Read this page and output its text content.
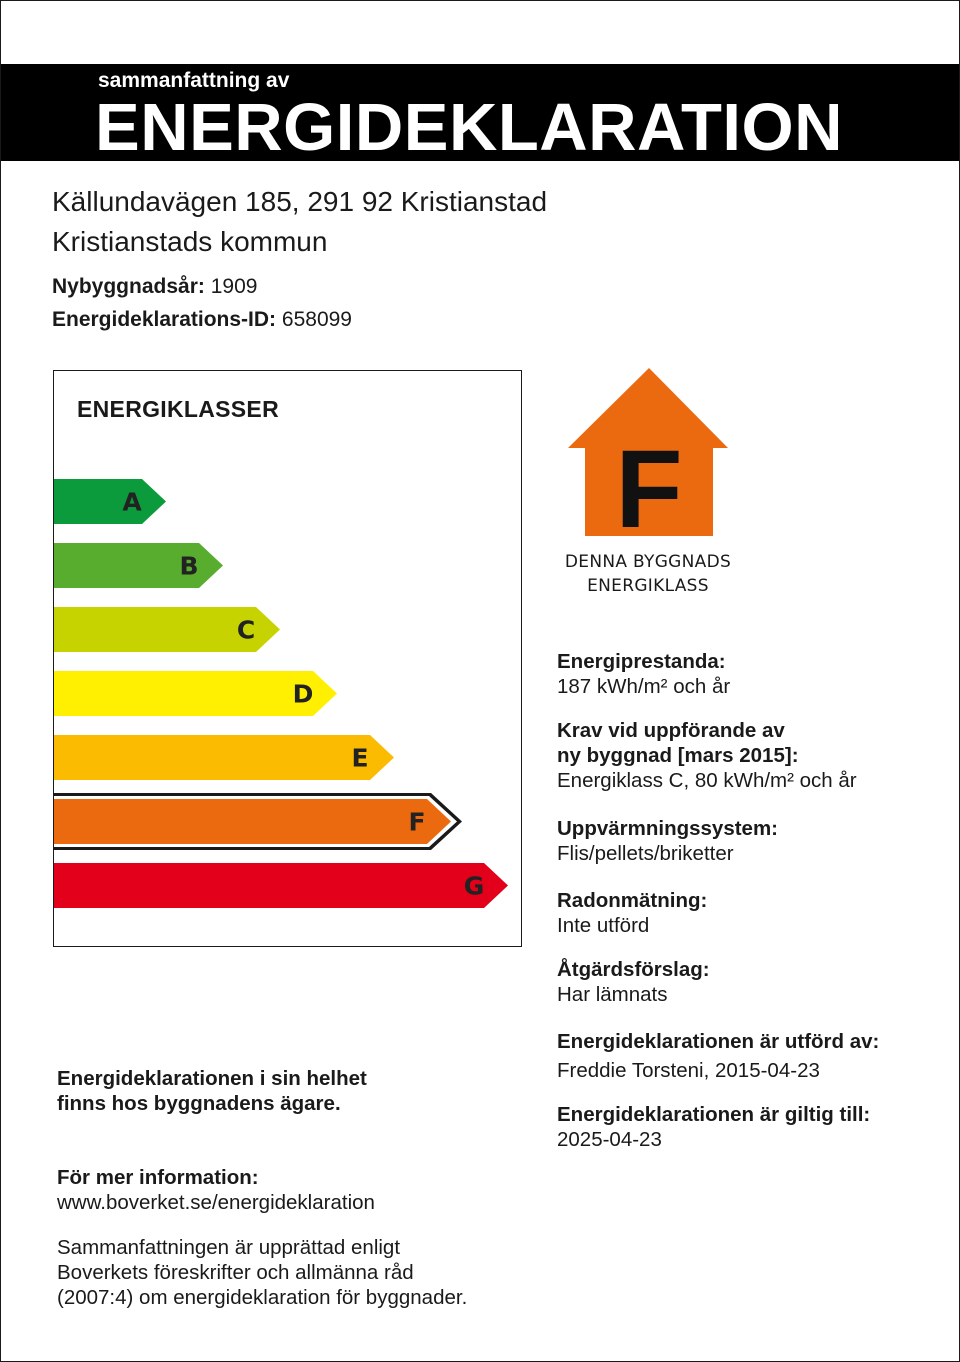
sammanfattning av
ENERGIDEKLARATION
Källundavägen 185, 291 92 Kristianstad
Kristianstads kommun
Nybyggnadsår: 1909
Energideklarations-ID: 658099
ENERGIKLASSER
A
B
C
D
E
F
G
F
DENNA BYGGNADS
ENERGIKLASS
Energiprestanda:
187 kWh/m² och år
Krav vid uppförande av
ny byggnad [mars 2015]:
Energiklass C, 80 kWh/m² och år
Uppvärmningssystem:
Flis/pellets/briketter
Radonmätning:
Inte utförd
Åtgärdsförslag:
Har lämnats
Energideklarationen är utförd av:
Freddie Torsteni, 2015-04-23
Energideklarationen är giltig till:
2025-04-23
Energideklarationen i sin helhet
finns hos byggnadens ägare.
För mer information:
www.boverket.se/energideklaration
Sammanfattningen är upprättad enligt
Boverkets föreskrifter och allmänna råd
(2007:4) om energideklaration för byggnader.
